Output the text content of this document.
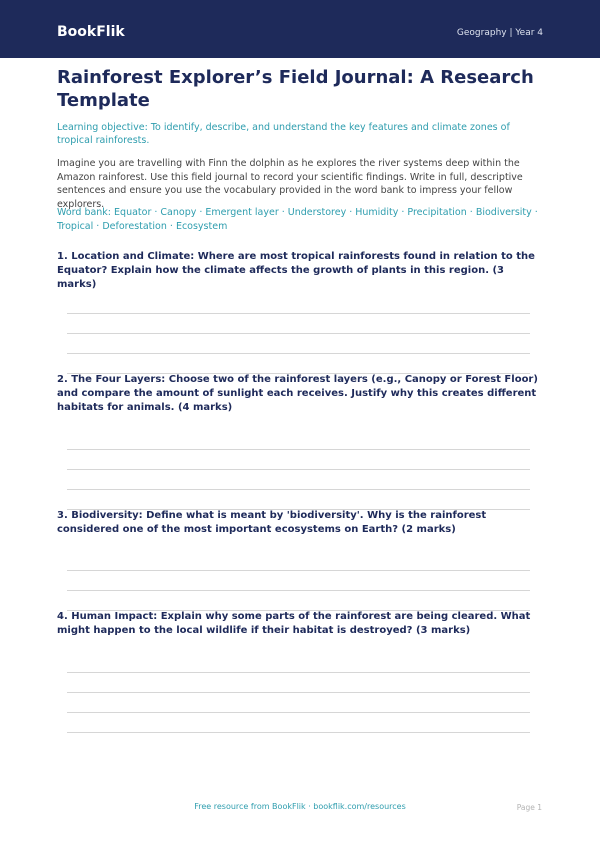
BookFlik	Geography | Year 4
Rainforest Explorer’s Field Journal: A Research Template
Learning objective: To identify, describe, and understand the key features and climate zones of tropical rainforests.
Imagine you are travelling with Finn the dolphin as he explores the river systems deep within the Amazon rainforest. Use this field journal to record your scientific findings. Write in full, descriptive sentences and ensure you use the vocabulary provided in the word bank to impress your fellow explorers.
Word bank: Equator · Canopy · Emergent layer · Understorey · Humidity · Precipitation · Biodiversity · Tropical · Deforestation · Ecosystem
1. Location and Climate: Where are most tropical rainforests found in relation to the Equator? Explain how the climate affects the growth of plants in this region. (3 marks)
2. The Four Layers: Choose two of the rainforest layers (e.g., Canopy or Forest Floor) and compare the amount of sunlight each receives. Justify why this creates different habitats for animals. (4 marks)
3. Biodiversity: Define what is meant by 'biodiversity'. Why is the rainforest considered one of the most important ecosystems on Earth? (2 marks)
4. Human Impact: Explain why some parts of the rainforest are being cleared. What might happen to the local wildlife if their habitat is destroyed? (3 marks)
Free resource from BookFlik · bookflik.com/resources	Page 1
